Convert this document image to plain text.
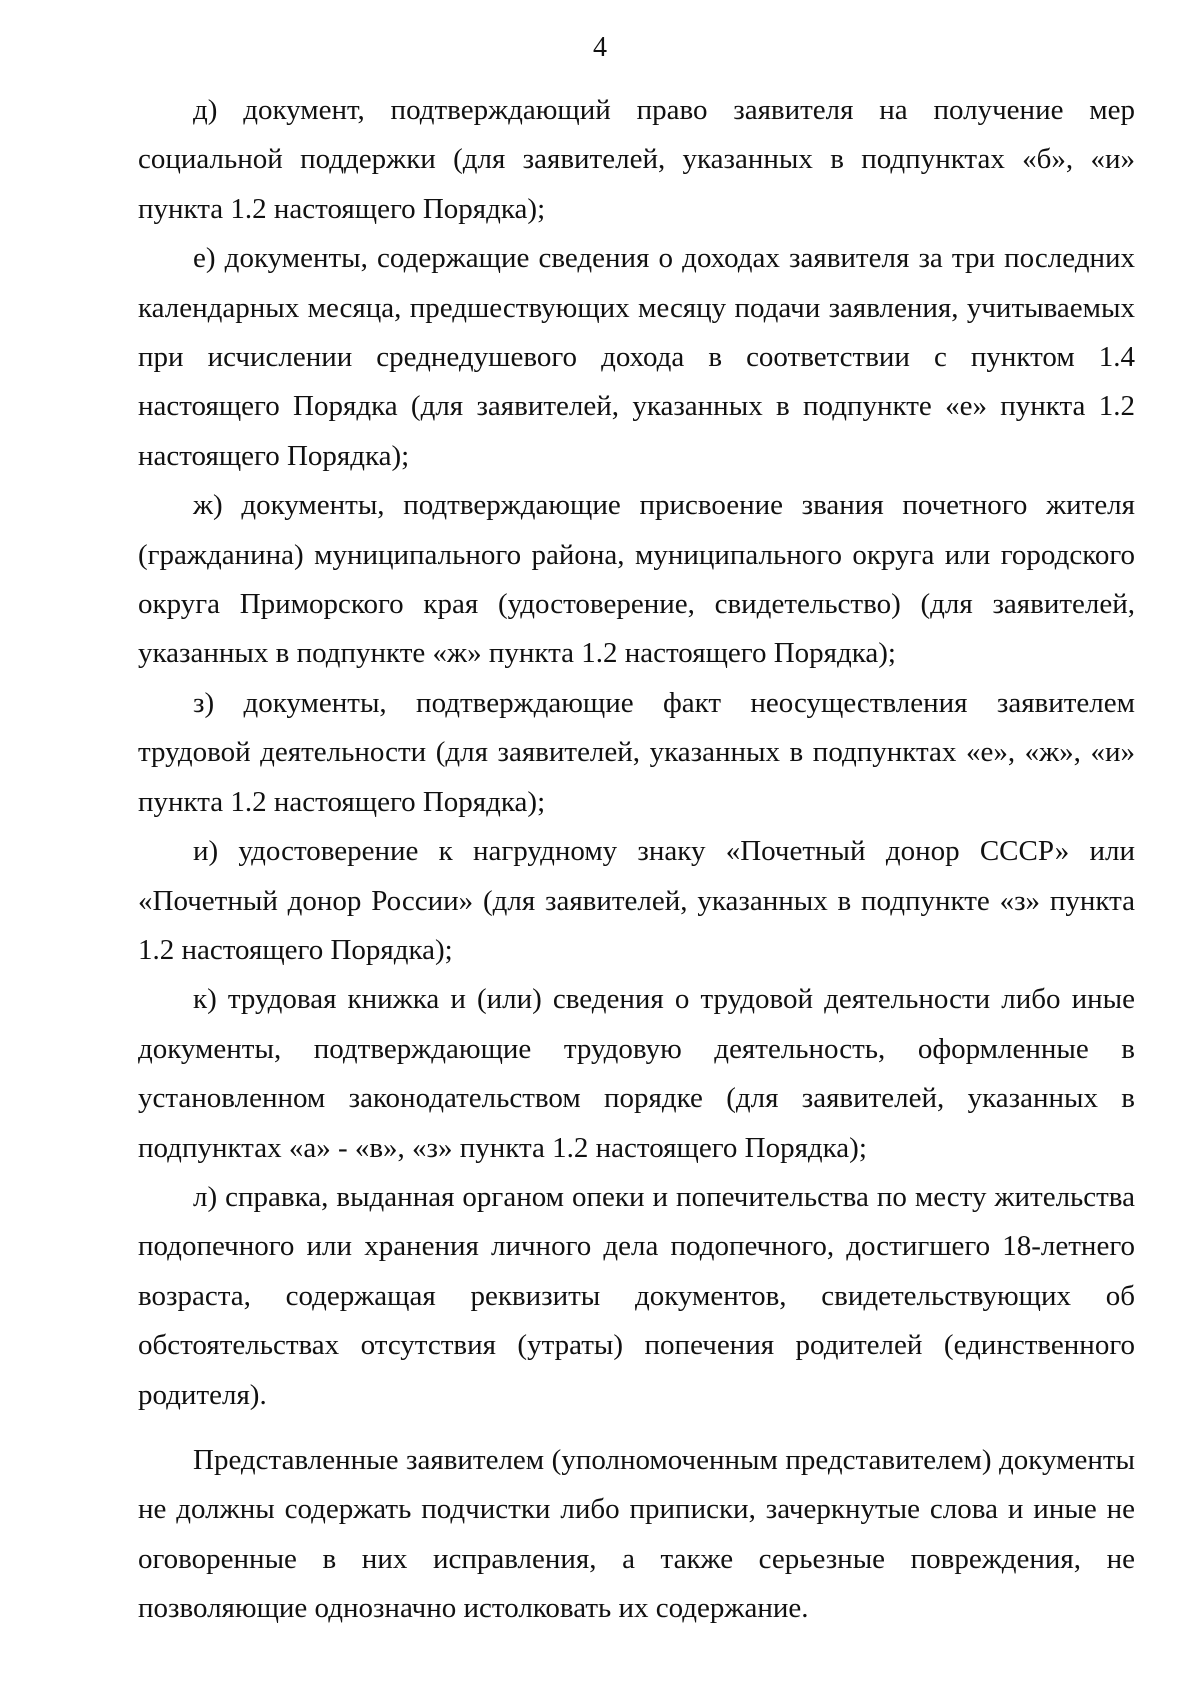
4

д) документ, подтверждающий право заявителя на получение мер социальной поддержки (для заявителей, указанных в подпунктах «б», «и» пункта 1.2 настоящего Порядка);

е) документы, содержащие сведения о доходах заявителя за три последних календарных месяца, предшествующих месяцу подачи заявления, учитываемых при исчислении среднедушевого дохода в соответствии с пунктом 1.4 настоящего Порядка (для заявителей, указанных в подпункте «е» пункта 1.2 настоящего Порядка);

ж) документы, подтверждающие присвоение звания почетного жителя (гражданина) муниципального района, муниципального округа или городского округа Приморского края (удостоверение, свидетельство) (для заявителей, указанных в подпункте «ж» пункта 1.2 настоящего Порядка);

з) документы, подтверждающие факт неосуществления заявителем трудовой деятельности (для заявителей, указанных в подпунктах «е», «ж», «и» пункта 1.2 настоящего Порядка);

и) удостоверение к нагрудному знаку «Почетный донор СССР» или «Почетный донор России» (для заявителей, указанных в подпункте «з» пункта 1.2 настоящего Порядка);

к) трудовая книжка и (или) сведения о трудовой деятельности либо иные документы, подтверждающие трудовую деятельность, оформленные в установленном законодательством порядке (для заявителей, указанных в подпунктах «а» - «в», «з» пункта 1.2 настоящего Порядка);

л) справка, выданная органом опеки и попечительства по месту жительства подопечного или хранения личного дела подопечного, достигшего 18-летнего возраста, содержащая реквизиты документов, свидетельствующих об обстоятельствах отсутствия (утраты) попечения родителей (единственного родителя).

Представленные заявителем (уполномоченным представителем) документы не должны содержать подчистки либо приписки, зачеркнутые слова и иные не оговоренные в них исправления, а также серьезные повреждения, не позволяющие однозначно истолковать их содержание.
